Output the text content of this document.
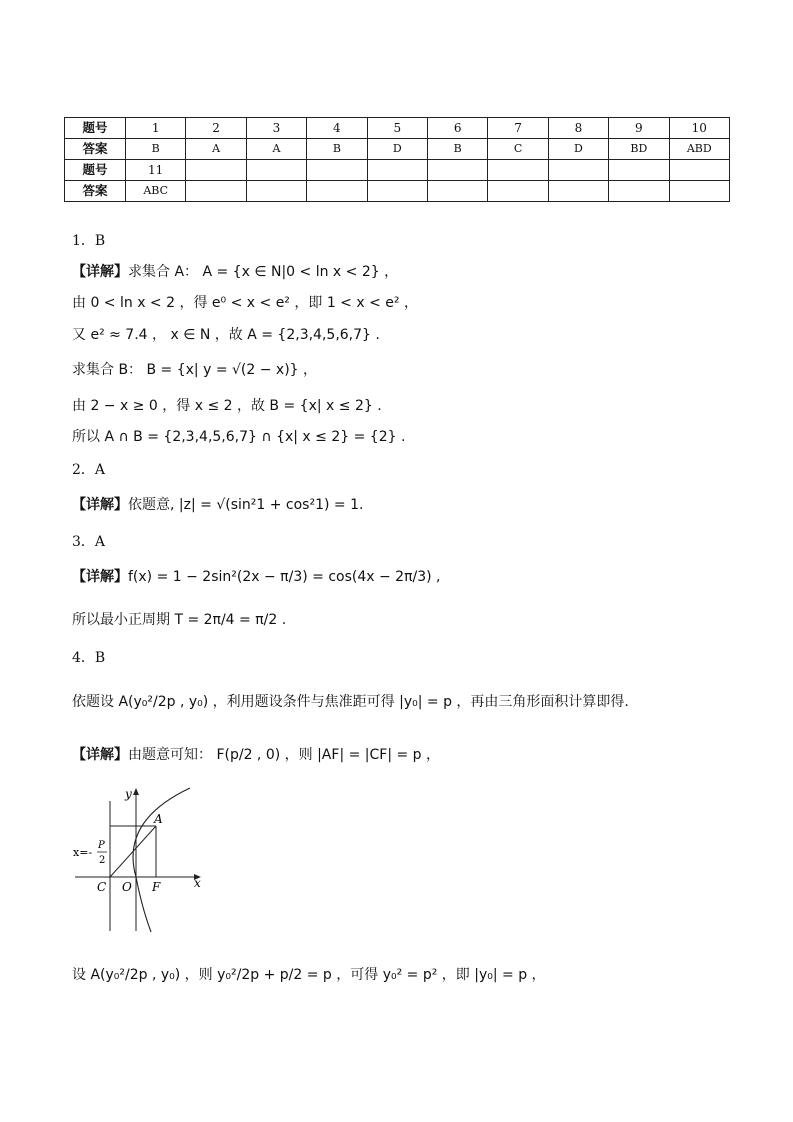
题号	1	2	3	4	5	6	7	8	9	10
答案	B	A	A	B	D	B	C	D	BD	ABD
题号	11									
答案	ABC									
1．B
【详解】求集合 A： A = {x ∈ N|0 < ln x < 2} ，
由 0 < ln x < 2 ，得 e⁰ < x < e² ，即 1 < x < e² ，
又 e² ≈ 7.4 ， x ∈ N ，故 A = {2,3,4,5,6,7} .
求集合 B： B = {x| y = √(2 − x)} ，
由 2 − x ≥ 0 ，得 x ≤ 2 ，故 B = {x| x ≤ 2} .
所以 A ∩ B = {2,3,4,5,6,7} ∩ {x| x ≤ 2} = {2} .
2．A
【详解】依题意, |z| = √(sin²1 + cos²1) = 1.
3．A
【详解】f(x) = 1 − 2sin²(2x − π/3) = cos(4x − 2π/3) ,
所以最小正周期 T = 2π/4 = π/2 .
4．B
依题设 A(y₀²/2p , y₀) ，利用题设条件与焦准距可得 |y₀| = p ，再由三角形面积计算即得.
【详解】由题意可知： F(p/2 , 0) ，则 |AF| = |CF| = p ，
y
x
A
C O F
x=-
P
2
设 A(y₀²/2p , y₀) ，则 y₀²/2p + p/2 = p ，可得 y₀² = p² ，即 |y₀| = p ，
